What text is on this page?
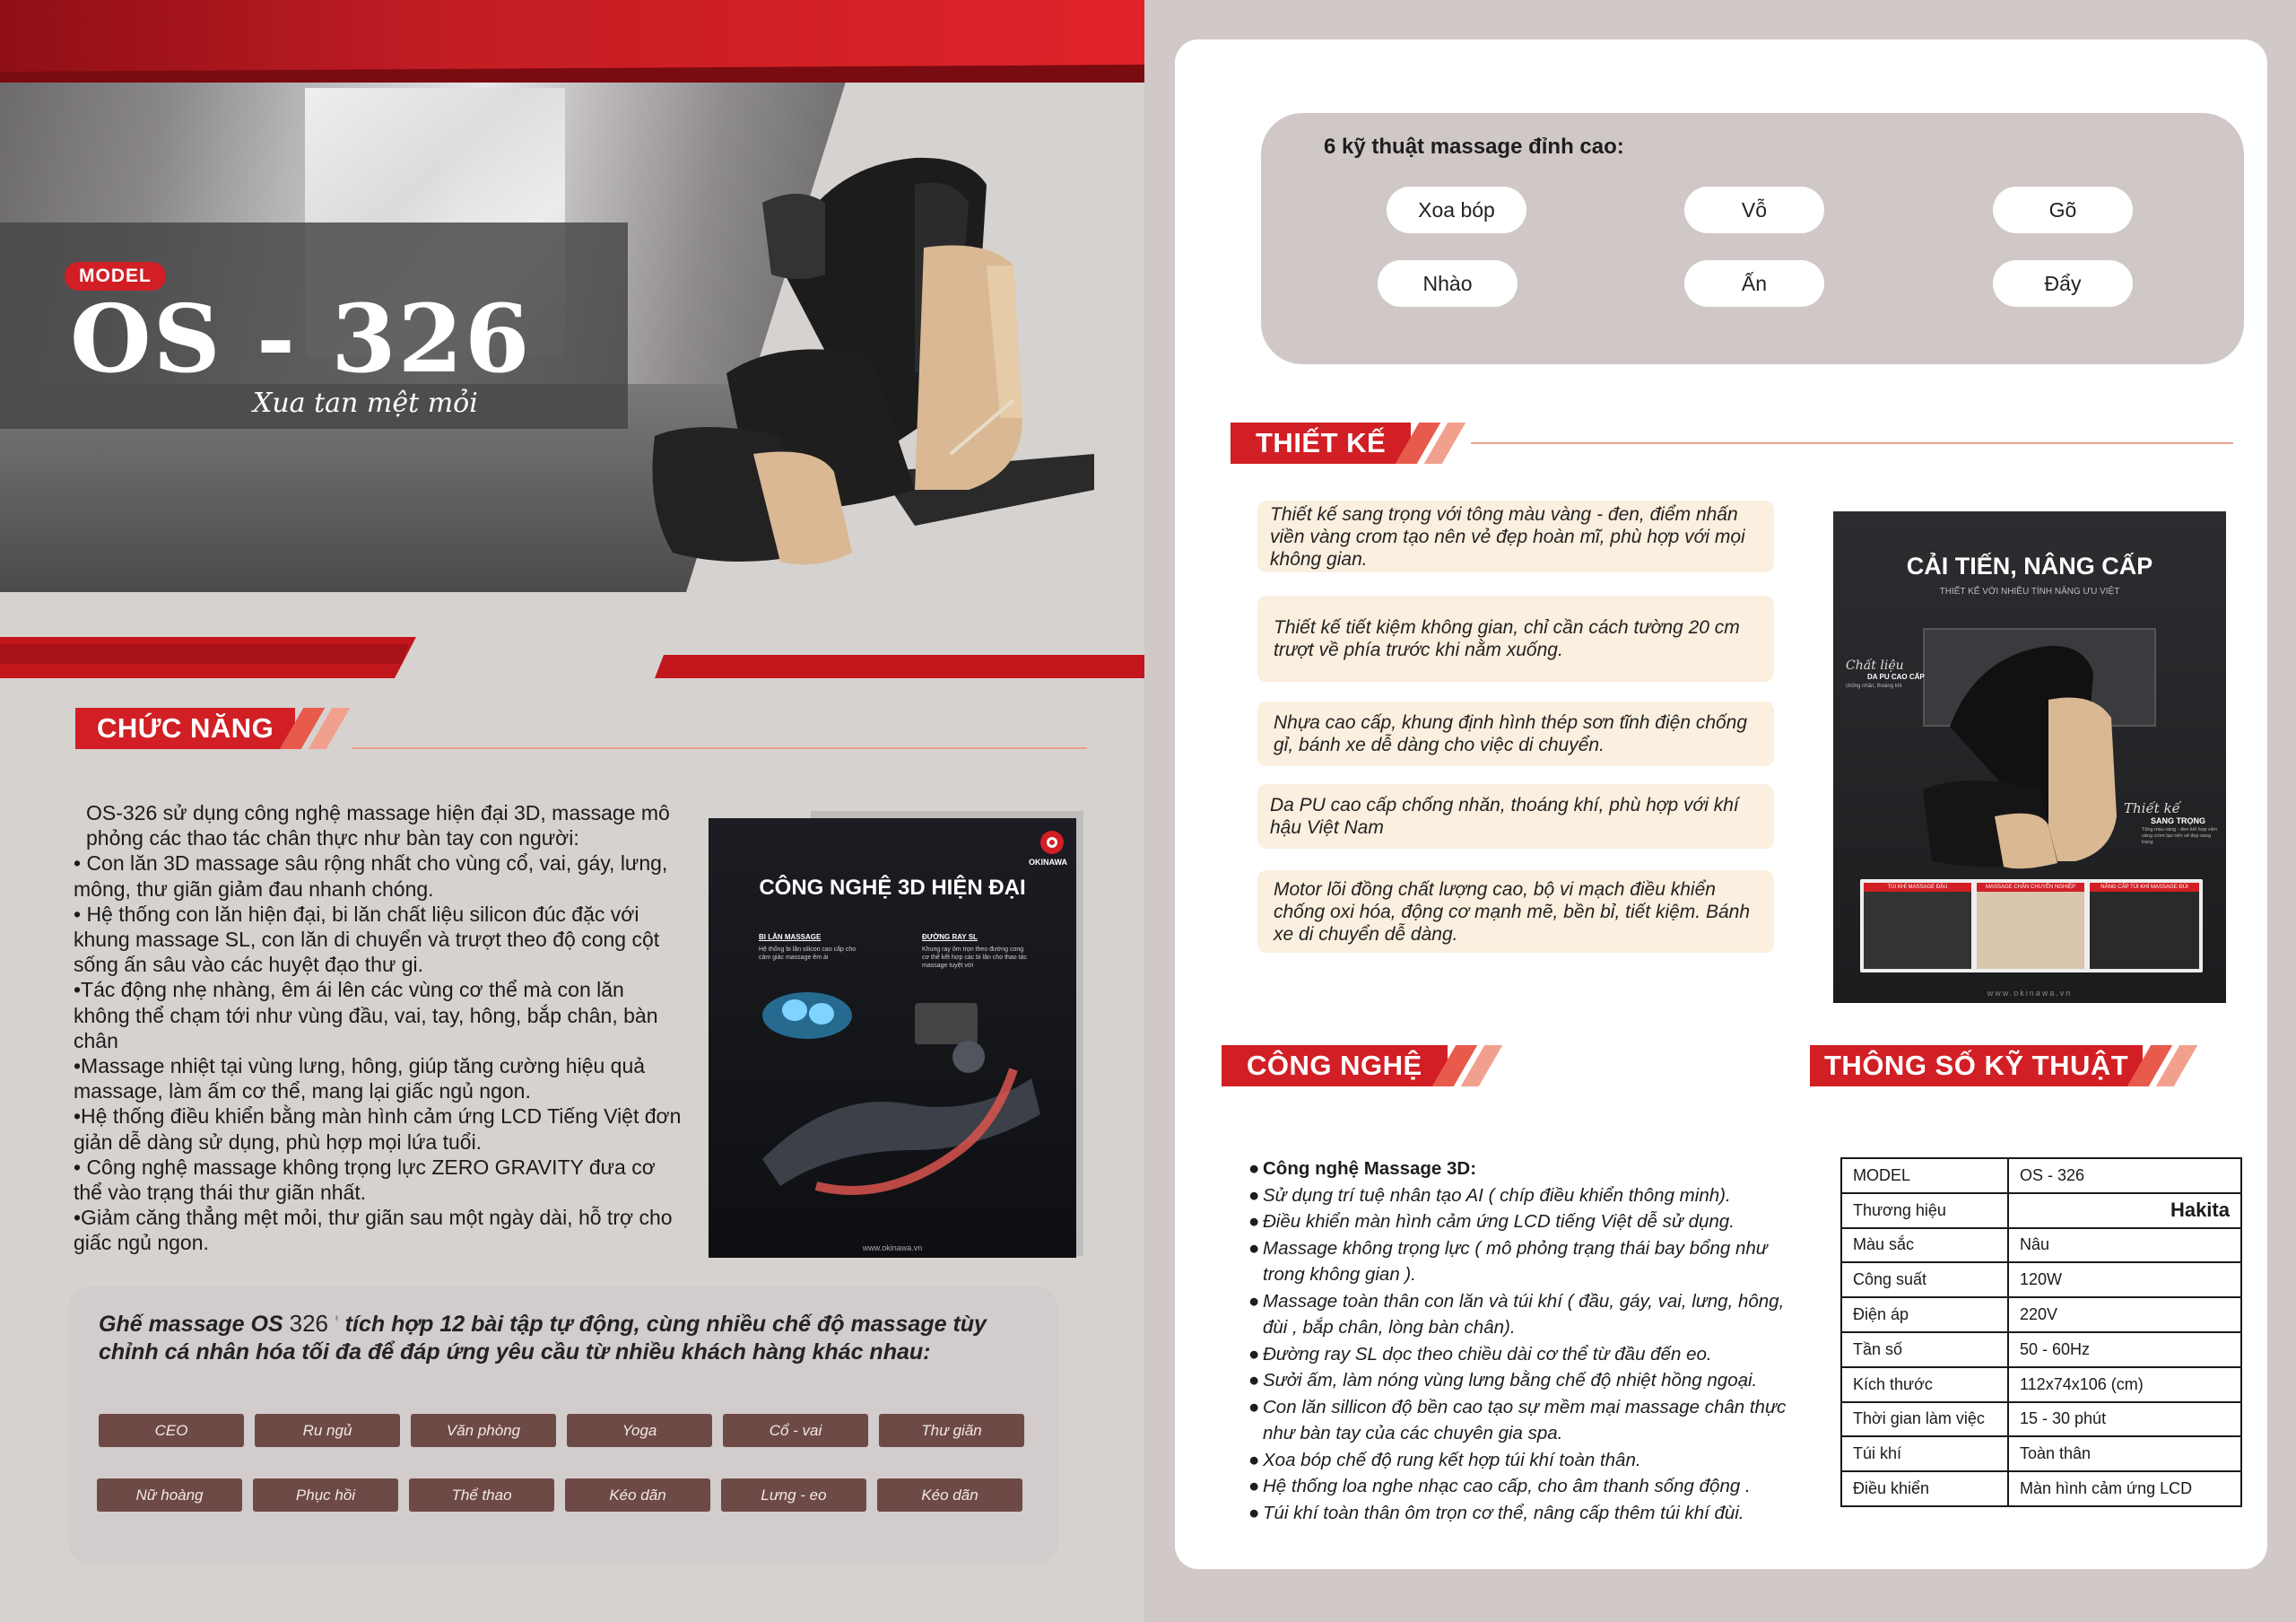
MODEL
OS - 326
Xua tan mệt mỏi
CHỨC NĂNG

OS-326 sử dụng công nghệ massage hiện đại 3D, massage mô phỏng các thao tác chân thực như bàn tay con người:

• Con lăn 3D massage sâu rộng nhất cho vùng cổ, vai, gáy, lưng, mông, thư giãn giảm đau nhanh chóng.

• Hệ thống con lăn hiện đại, bi lăn chất liệu silicon đúc đặc với khung massage SL, con lăn di chuyển và trượt theo độ cong cột sống ấn sâu vào các huyệt đạo thư gi.

•Tác động nhẹ nhàng, êm ái lên các vùng cơ thể mà con lăn không thể chạm tới như vùng đầu, vai, tay, hông, bắp chân, bàn chân

•Massage nhiệt tại vùng lưng, hông, giúp tăng cường hiệu quả massage, làm ấm cơ thể, mang lại giấc ngủ ngon.

•Hệ thống điều khiển bằng màn hình cảm ứng LCD Tiếng Việt đơn giản dễ dàng sử dụng, phù hợp mọi lứa tuổi.

• Công nghệ massage không trọng lực ZERO GRAVITY đưa cơ thể vào trạng thái thư giãn nhất.

•Giảm căng thẳng mệt mỏi, thư giãn sau một ngày dài, hỗ trợ cho giấc ngủ ngon.

OKINAWA
CÔNG NGHỆ 3D HIỆN ĐẠI
BI LĂN MASSAGE
Hệ thống bi lăn silicon cao cấp cho cảm giác massage êm ái
ĐƯỜNG RAY SL
Khung ray ôm trọn theo đường cong cơ thể kết hợp các bi lăn cho thao tác massage tuyệt vời
www.okinawa.vn
Ghế massage OS 326 ' tích hợp 12 bài tập tự động, cùng nhiều chế độ massage tùy chỉnh cá nhân hóa tối đa để đáp ứng yêu cầu từ nhiều khách hàng khác nhau:
CEO	Ru ngủ	Văn phòng	Yoga	Cổ - vai	Thư giãn
Nữ hoàng	Phục hồi	Thể thao	Kéo dãn	Lưng - eo	Kéo dãn
6 kỹ thuật massage đỉnh cao:
Xoa bóp	Vỗ	Gõ
Nhào	Ấn	Đẩy
THIẾT KẾ
Thiết kế sang trọng với tông màu vàng - đen, điểm nhấn viền vàng crom tạo nên vẻ đẹp hoàn mĩ, phù hợp với mọi không gian.
Thiết kế tiết kiệm không gian, chỉ cần cách tường 20 cm trượt về phía trước khi nằm xuống.
Nhựa cao cấp, khung định hình thép sơn tĩnh điện chống gỉ, bánh xe dễ dàng cho việc di chuyển.
Da PU cao cấp chống nhăn, thoáng khí, phù hợp với khí hậu Việt Nam
Motor lõi đồng chất lượng cao, bộ vi mạch điều khiển chống oxi hóa, động cơ mạnh mẽ, bền bỉ, tiết kiệm. Bánh xe di chuyển dễ dàng.
CẢI TIẾN, NÂNG CẤP
THIẾT KẾ VỚI NHIỀU TÍNH NĂNG ƯU VIỆT
Chất liệu
DA PU CAO CẤP
chống nhăn, thoáng khí
Thiết kế
SANG TRỌNG
Tông màu vàng - đen kết hợp viền vàng crom tạo nên vẻ đẹp sang trọng
TÚI KHÍ MASSAGE ĐẦU	MASSAGE CHÂN CHUYÊN NGHIỆP	NÂNG CẤP TÚI KHÍ MASSAGE ĐÙI
www.okinawa.vn
CÔNG NGHỆ	THÔNG SỐ KỸ THUẬT
● Công nghệ Massage 3D:
● Sử dụng trí tuệ nhân tạo AI ( chíp điều khiển thông minh).
● Điều khiển màn hình cảm ứng LCD tiếng Việt dễ sử dụng.
● Massage không trọng lực ( mô phỏng trạng thái bay bổng như trong không gian ).
● Massage toàn thân con lăn và túi khí ( đầu, gáy, vai, lưng, hông, đùi , bắp chân, lòng bàn chân).
● Đường ray SL dọc theo chiều dài cơ thể từ đầu đến eo.
● Sưởi ấm, làm nóng vùng lưng bằng chế độ nhiệt hồng ngoại.
● Con lăn sillicon độ bền cao tạo sự mềm mại massage chân thực như bàn tay của các chuyên gia spa.
● Xoa bóp chế độ rung kết hợp túi khí toàn thân.
● Hệ thống loa nghe nhạc cao cấp, cho âm thanh sống động .
● Túi khí toàn thân ôm trọn cơ thể, nâng cấp thêm túi khí đùi.
MODEL	OS - 326
Thương hiệu	Hakita
Màu sắc	Nâu
Công suất	120W
Điện áp	220V
Tần số	50 - 60Hz
Kích thước	112x74x106 (cm)
Thời gian làm việc	15 - 30 phút
Túi khí	Toàn thân
Điều khiển	Màn hình cảm ứng LCD
